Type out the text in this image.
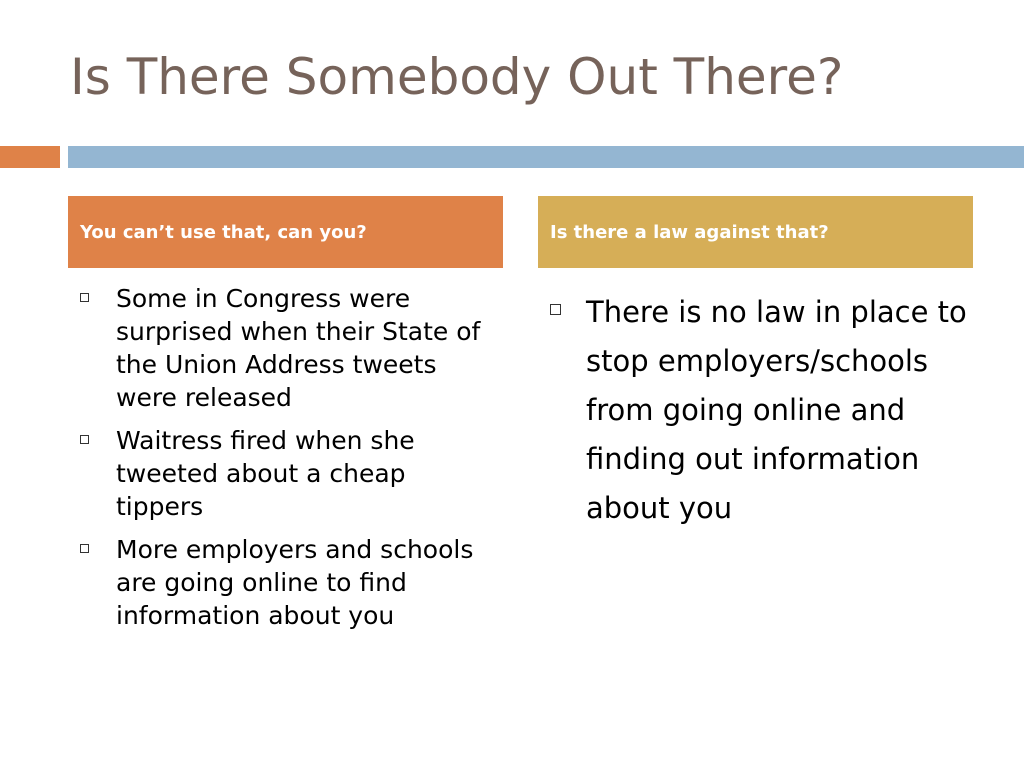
Is There Somebody Out There?
You can’t use that, can you?	Is there a law against that?
Some in Congress were surprised when their State of the Union Address tweets were released
Waitress fired when she tweeted about a cheap tippers
More employers and schools are going online to find information about you
There is no law in place to stop employers/schools from going online and finding out information about you
